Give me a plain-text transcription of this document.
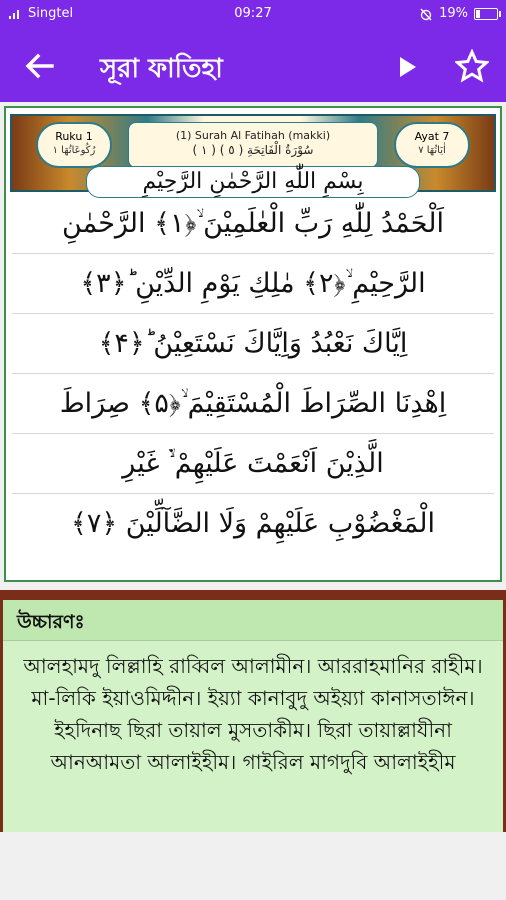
Singtel	09:27	19%
সূরা ফাতিহা
Ruku 1
رُكُوعَاتُهَا ١
(1) Surah Al Fatihah (makki)
( ١ ) سُوْرَةُ الْفَاتِحَةِ ( ٥ )
Ayat 7
اٰيَاتُهَا ٧
بِسْمِ اللّٰهِ الرَّحْمٰنِ الرَّحِيْمِ
اَلْحَمْدُ لِلّٰهِ رَبِّ الْعٰلَمِيْنَ ۙ﴿۱﴾ الرَّحْمٰنِ
الرَّحِيْمِ ۙ﴿۲﴾ مٰلِكِ يَوْمِ الدِّيْنِ ؕ﴿۳﴾
اِيَّاكَ نَعْبُدُ وَاِيَّاكَ نَسْتَعِيْنُ ؕ﴿۴﴾
اِهْدِنَا الصِّرَاطَ الْمُسْتَقِيْمَ ۙ﴿۵﴾ صِرَاطَ
الَّذِيْنَ اَنْعَمْتَ عَلَيْهِمْ ۙ۬ غَيْرِ
الْمَغْضُوْبِ عَلَيْهِمْ وَلَا الضَّآلِّيْنَ ﴿۷﴾
উচ্চারণঃ
আলহামদু লিল্লাহি রাব্বিল আলামীন। আররাহমানির রাহীম। মা-লিকি ইয়াওমিদ্দীন। ইয়্যা কানাবুদু অইয়্যা কানাসতাঈন। ইহদিনাছ ছিরা তায়াল মুসতাকীম। ছিরা তায়াল্লাযীনা আনআমতা আলাইহীম। গাইরিল মাগদুবি আলাইহীম
